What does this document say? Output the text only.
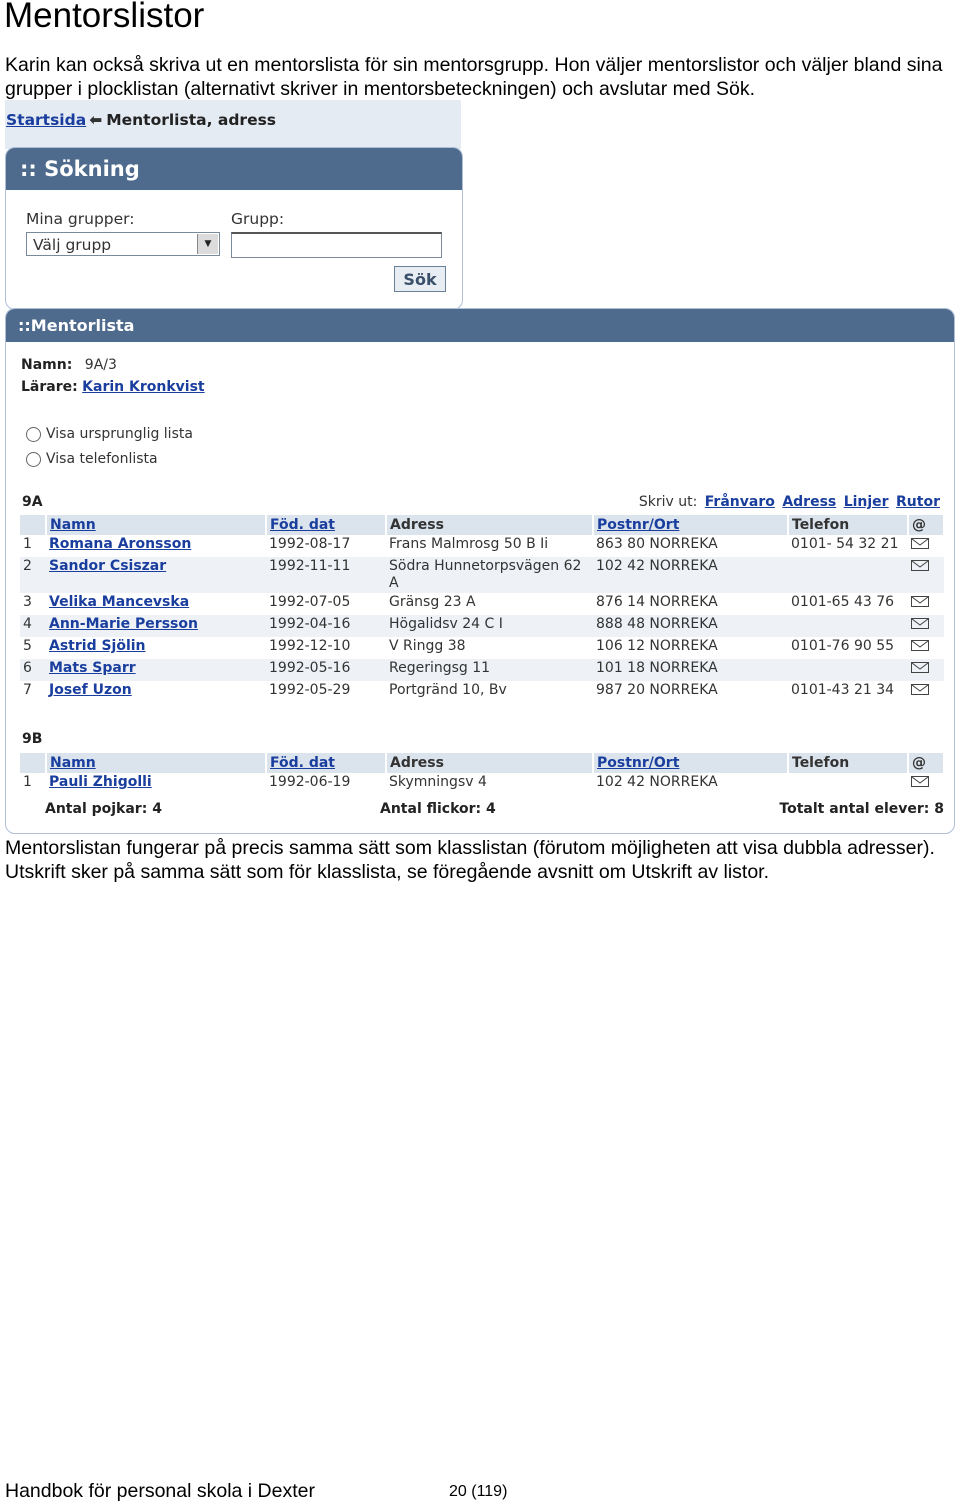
Mentorslistor

Karin kan också skriva ut en mentorslista för sin mentorsgrupp. Hon väljer mentorslistor och väljer bland sina grupper i plocklistan (alternativt skriver in mentorsbeteckningen) och avslutar med Sök.

Startsida ⬅ Mentorlista, adress
:: Sökning
Mina grupper:	Grupp:
Välj grupp	▼
Sök
::Mentorlista
Namn: 9A/3
Lärare: Karin Kronkvist
Visa ursprunglig lista
Visa telefonlista
9A	Skriv ut: Frånvaro Adress Linjer Rutor
	Namn	Föd. dat	Adress	Postnr/Ort	Telefon	@
1	Romana Aronsson	1992-08-17	Frans Malmrosg 50 B Ii	863 80 NORREKA	0101- 54 32 21	

2	Sandor Csiszar	1992-11-11	Södra Hunnetorpsvägen 62 A	102 42 NORREKA		

3	Velika Mancevska	1992-07-05	Gränsg 23 A	876 14 NORREKA	0101-65 43 76	

4	Ann-Marie Persson	1992-04-16	Högalidsv 24 C I	888 48 NORREKA		

5	Astrid Sjölin	1992-12-10	V Ringg 38	106 12 NORREKA	0101-76 90 55	

6	Mats Sparr	1992-05-16	Regeringsg 11	101 18 NORREKA		

7	Josef Uzon	1992-05-29	Portgränd 10, Bv	987 20 NORREKA	0101-43 21 34	
9B
	Namn	Föd. dat	Adress	Postnr/Ort	Telefon	@
1	Pauli Zhigolli	1992-06-19	Skymningsv 4	102 42 NORREKA		
Antal pojkar: 4	Antal flickor: 4	Totalt antal elever: 8

Mentorslistan fungerar på precis samma sätt som klasslistan (förutom möjligheten att visa dubbla adresser).

Utskrift sker på samma sätt som för klasslista, se föregående avsnitt om Utskrift av listor.

Handbok för personal skola i Dexter	20 (119)
